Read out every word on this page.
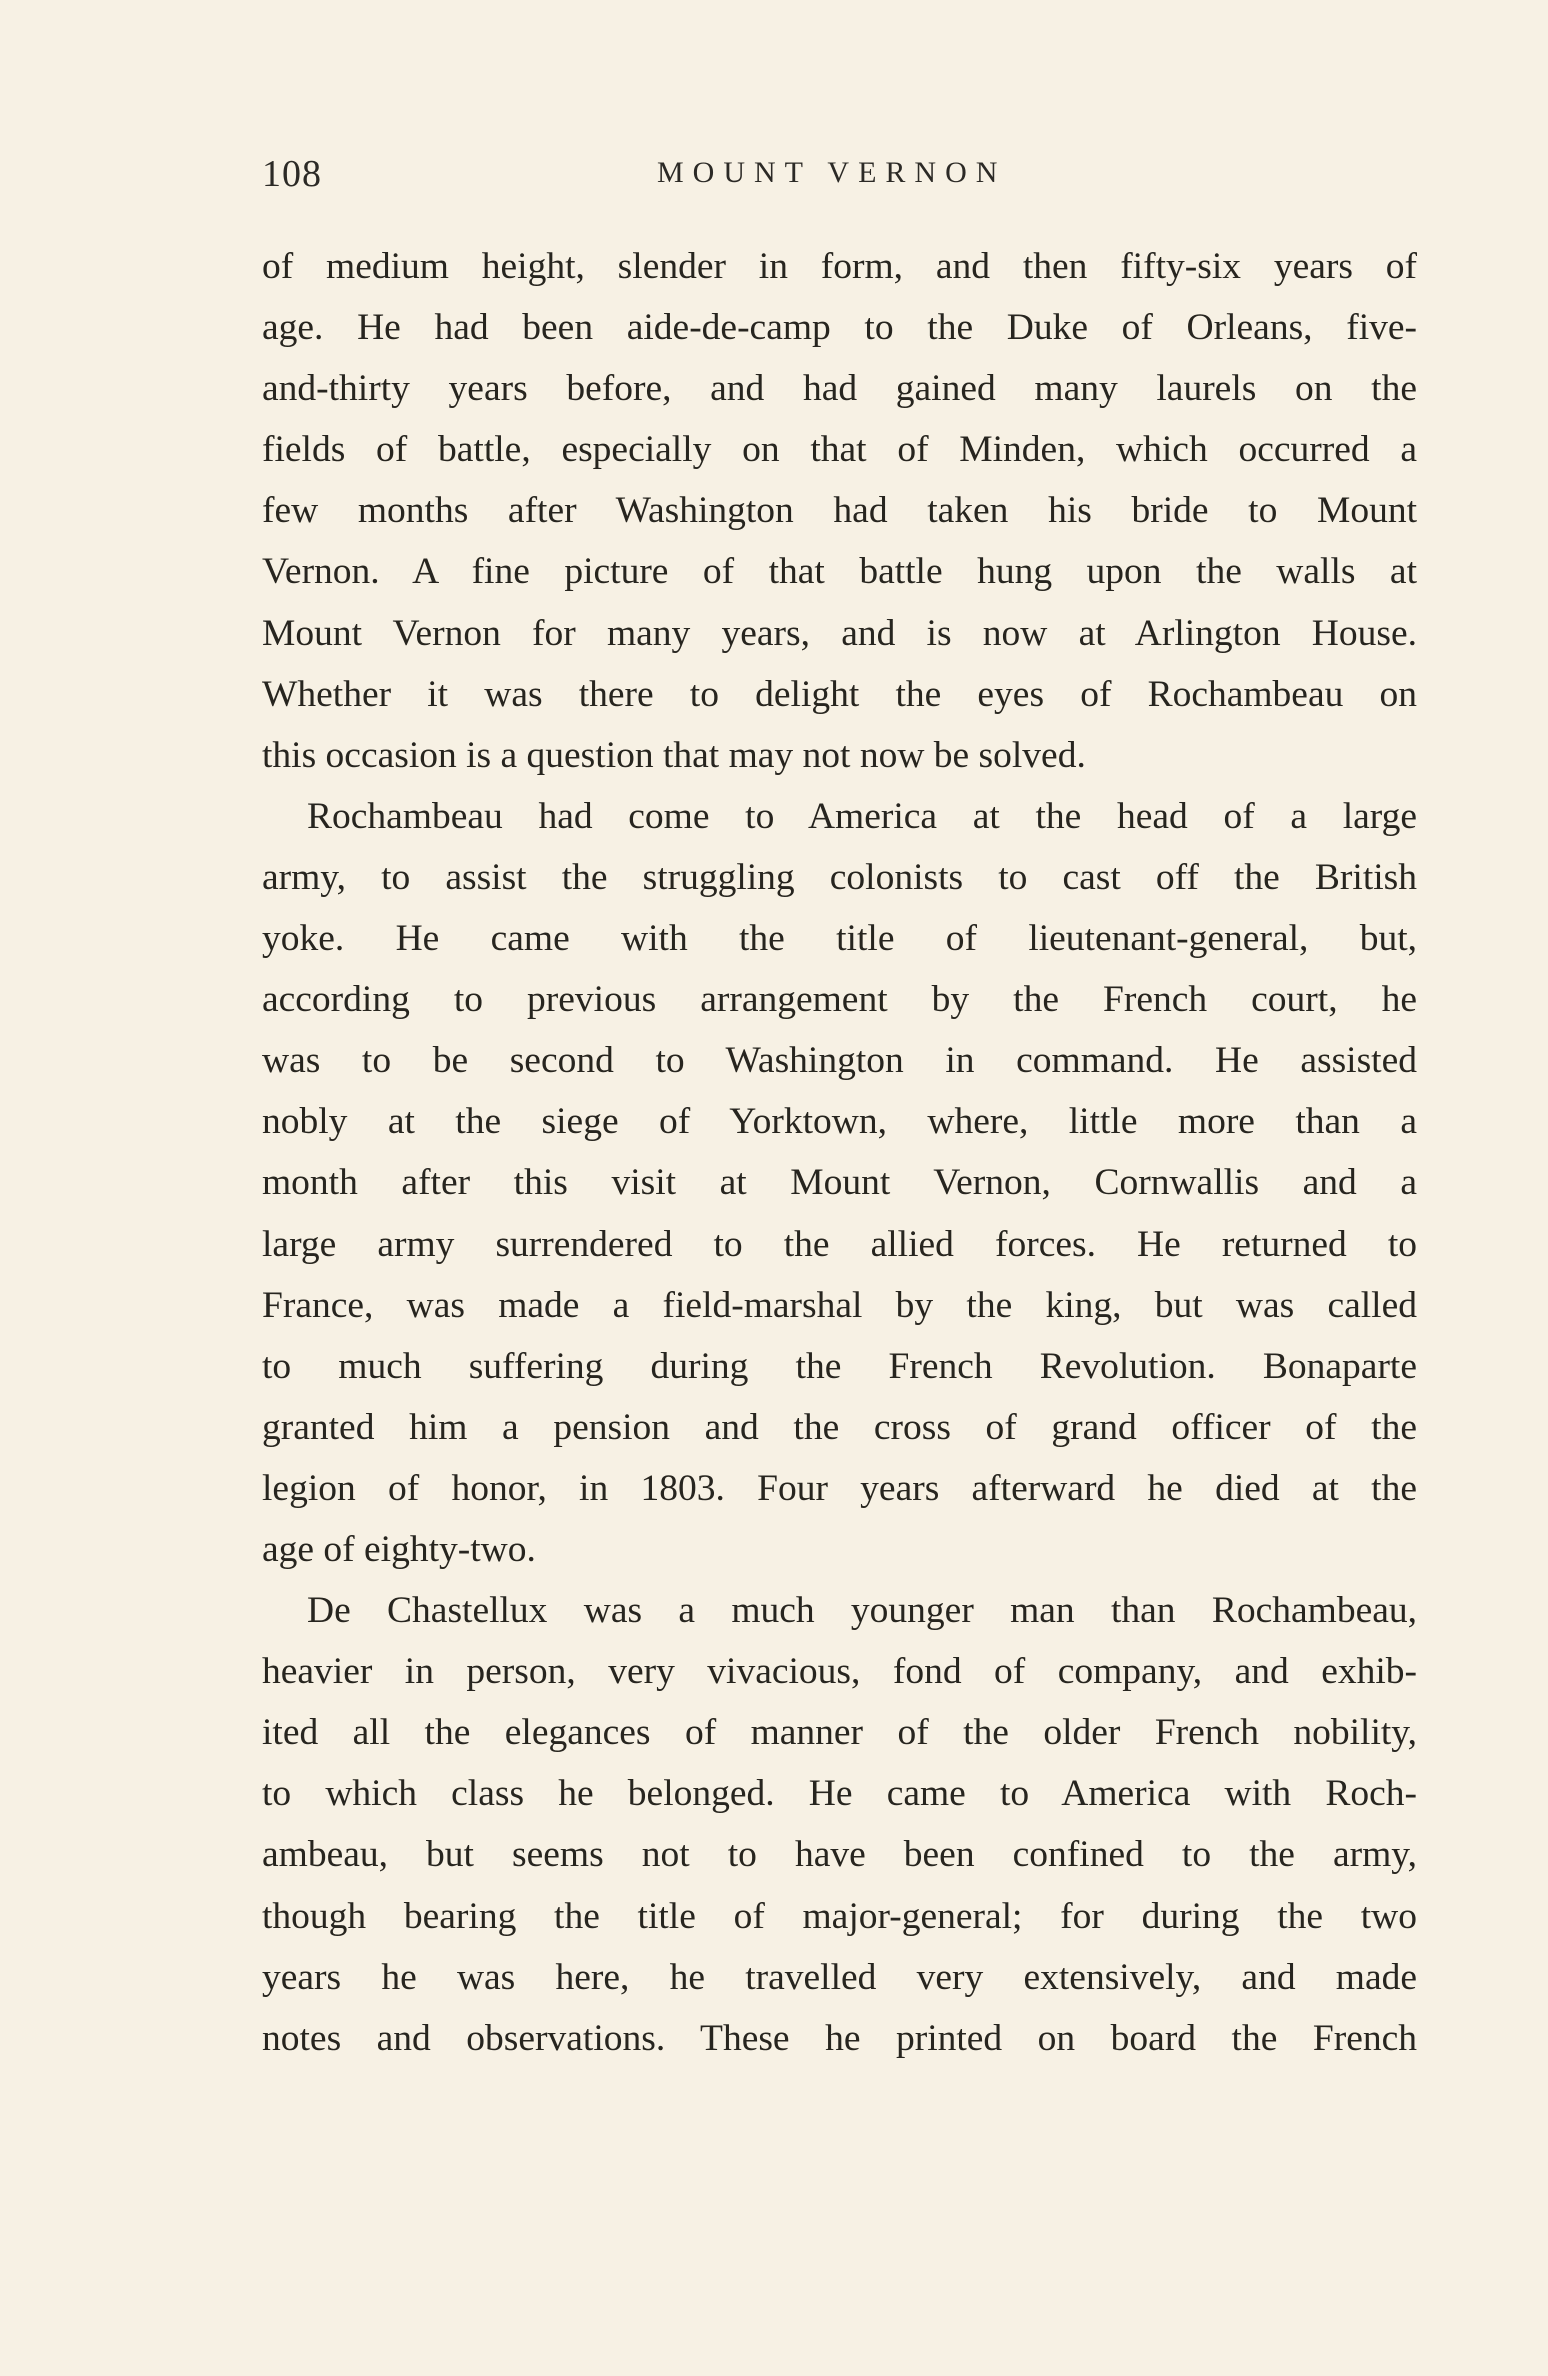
108	MOUNT VERNON
of medium height, slender in form, and then fifty-six years of
age. He had been aide-de-camp to the Duke of Orleans, five-
and-thirty years before, and had gained many laurels on the
fields of battle, especially on that of Minden, which occurred a
few months after Washington had taken his bride to Mount
Vernon. A fine picture of that battle hung upon the walls at
Mount Vernon for many years, and is now at Arlington House.
Whether it was there to delight the eyes of Rochambeau on
this occasion is a question that may not now be solved.
Rochambeau had come to America at the head of a large
army, to assist the struggling colonists to cast off the British
yoke. He came with the title of lieutenant-general, but,
according to previous arrangement by the French court, he
was to be second to Washington in command. He assisted
nobly at the siege of Yorktown, where, little more than a
month after this visit at Mount Vernon, Cornwallis and a
large army surrendered to the allied forces. He returned to
France, was made a field-marshal by the king, but was called
to much suffering during the French Revolution. Bonaparte
granted him a pension and the cross of grand officer of the
legion of honor, in 1803. Four years afterward he died at the
age of eighty-two.
De Chastellux was a much younger man than Rochambeau,
heavier in person, very vivacious, fond of company, and exhib-
ited all the elegances of manner of the older French nobility,
to which class he belonged. He came to America with Roch-
ambeau, but seems not to have been confined to the army,
though bearing the title of major-general; for during the two
years he was here, he travelled very extensively, and made
notes and observations. These he printed on board the French
